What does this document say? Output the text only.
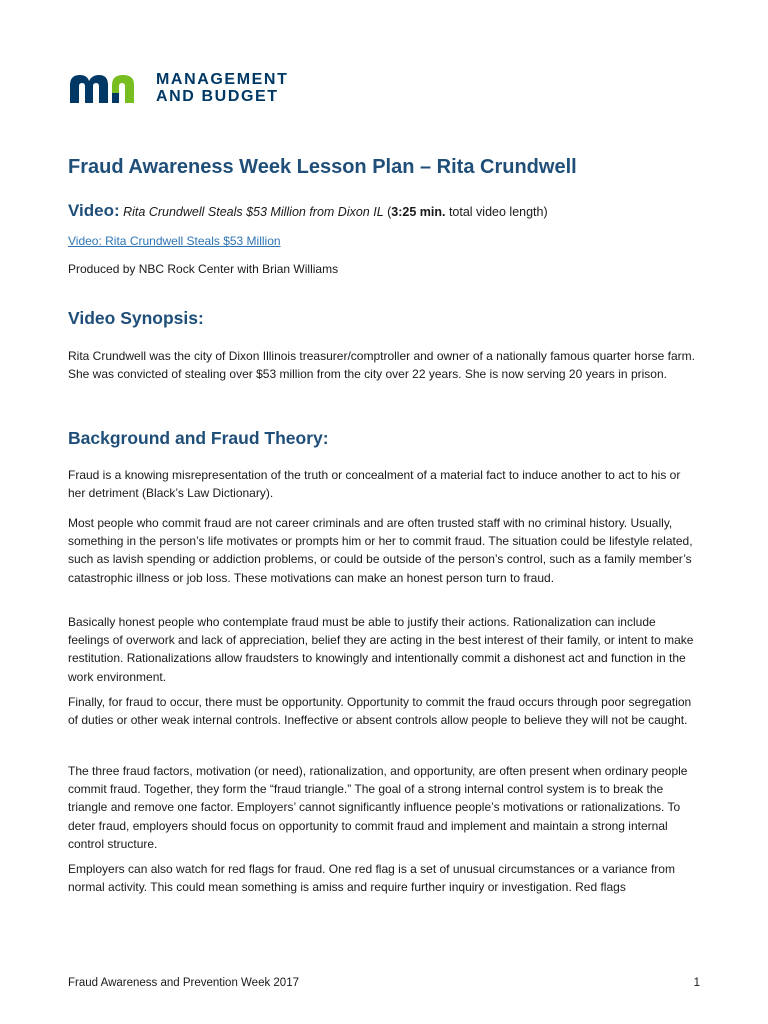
MANAGEMENT
AND BUDGET
Fraud Awareness Week Lesson Plan – Rita Crundwell
Video: Rita Crundwell Steals $53 Million from Dixon IL (3:25 min. total video length)
Video: Rita Crundwell Steals $53 Million
Produced by NBC Rock Center with Brian Williams
Video Synopsis:

Rita Crundwell was the city of Dixon Illinois treasurer/comptroller and owner of a nationally famous quarter horse farm. She was convicted of stealing over $53 million from the city over 22 years. She is now serving 20 years in prison.

Background and Fraud Theory:

Fraud is a knowing misrepresentation of the truth or concealment of a material fact to induce another to act to his or her detriment (Black’s Law Dictionary).

Most people who commit fraud are not career criminals and are often trusted staff with no criminal history. Usually, something in the person’s life motivates or prompts him or her to commit fraud. The situation could be lifestyle related, such as lavish spending or addiction problems, or could be outside of the person’s control, such as a family member’s catastrophic illness or job loss. These motivations can make an honest person turn to fraud.

Basically honest people who contemplate fraud must be able to justify their actions. Rationalization can include feelings of overwork and lack of appreciation, belief they are acting in the best interest of their family, or intent to make restitution. Rationalizations allow fraudsters to knowingly and intentionally commit a dishonest act and function in the work environment.

Finally, for fraud to occur, there must be opportunity. Opportunity to commit the fraud occurs through poor segregation of duties or other weak internal controls. Ineffective or absent controls allow people to believe they will not be caught.

The three fraud factors, motivation (or need), rationalization, and opportunity, are often present when ordinary people commit fraud. Together, they form the “fraud triangle.” The goal of a strong internal control system is to break the triangle and remove one factor. Employers’ cannot significantly influence people’s motivations or rationalizations. To deter fraud, employers should focus on opportunity to commit fraud and implement and maintain a strong internal control structure.

Employers can also watch for red flags for fraud. One red flag is a set of unusual circumstances or a variance from normal activity. This could mean something is amiss and require further inquiry or investigation. Red flags

Fraud Awareness and Prevention Week 2017	1
